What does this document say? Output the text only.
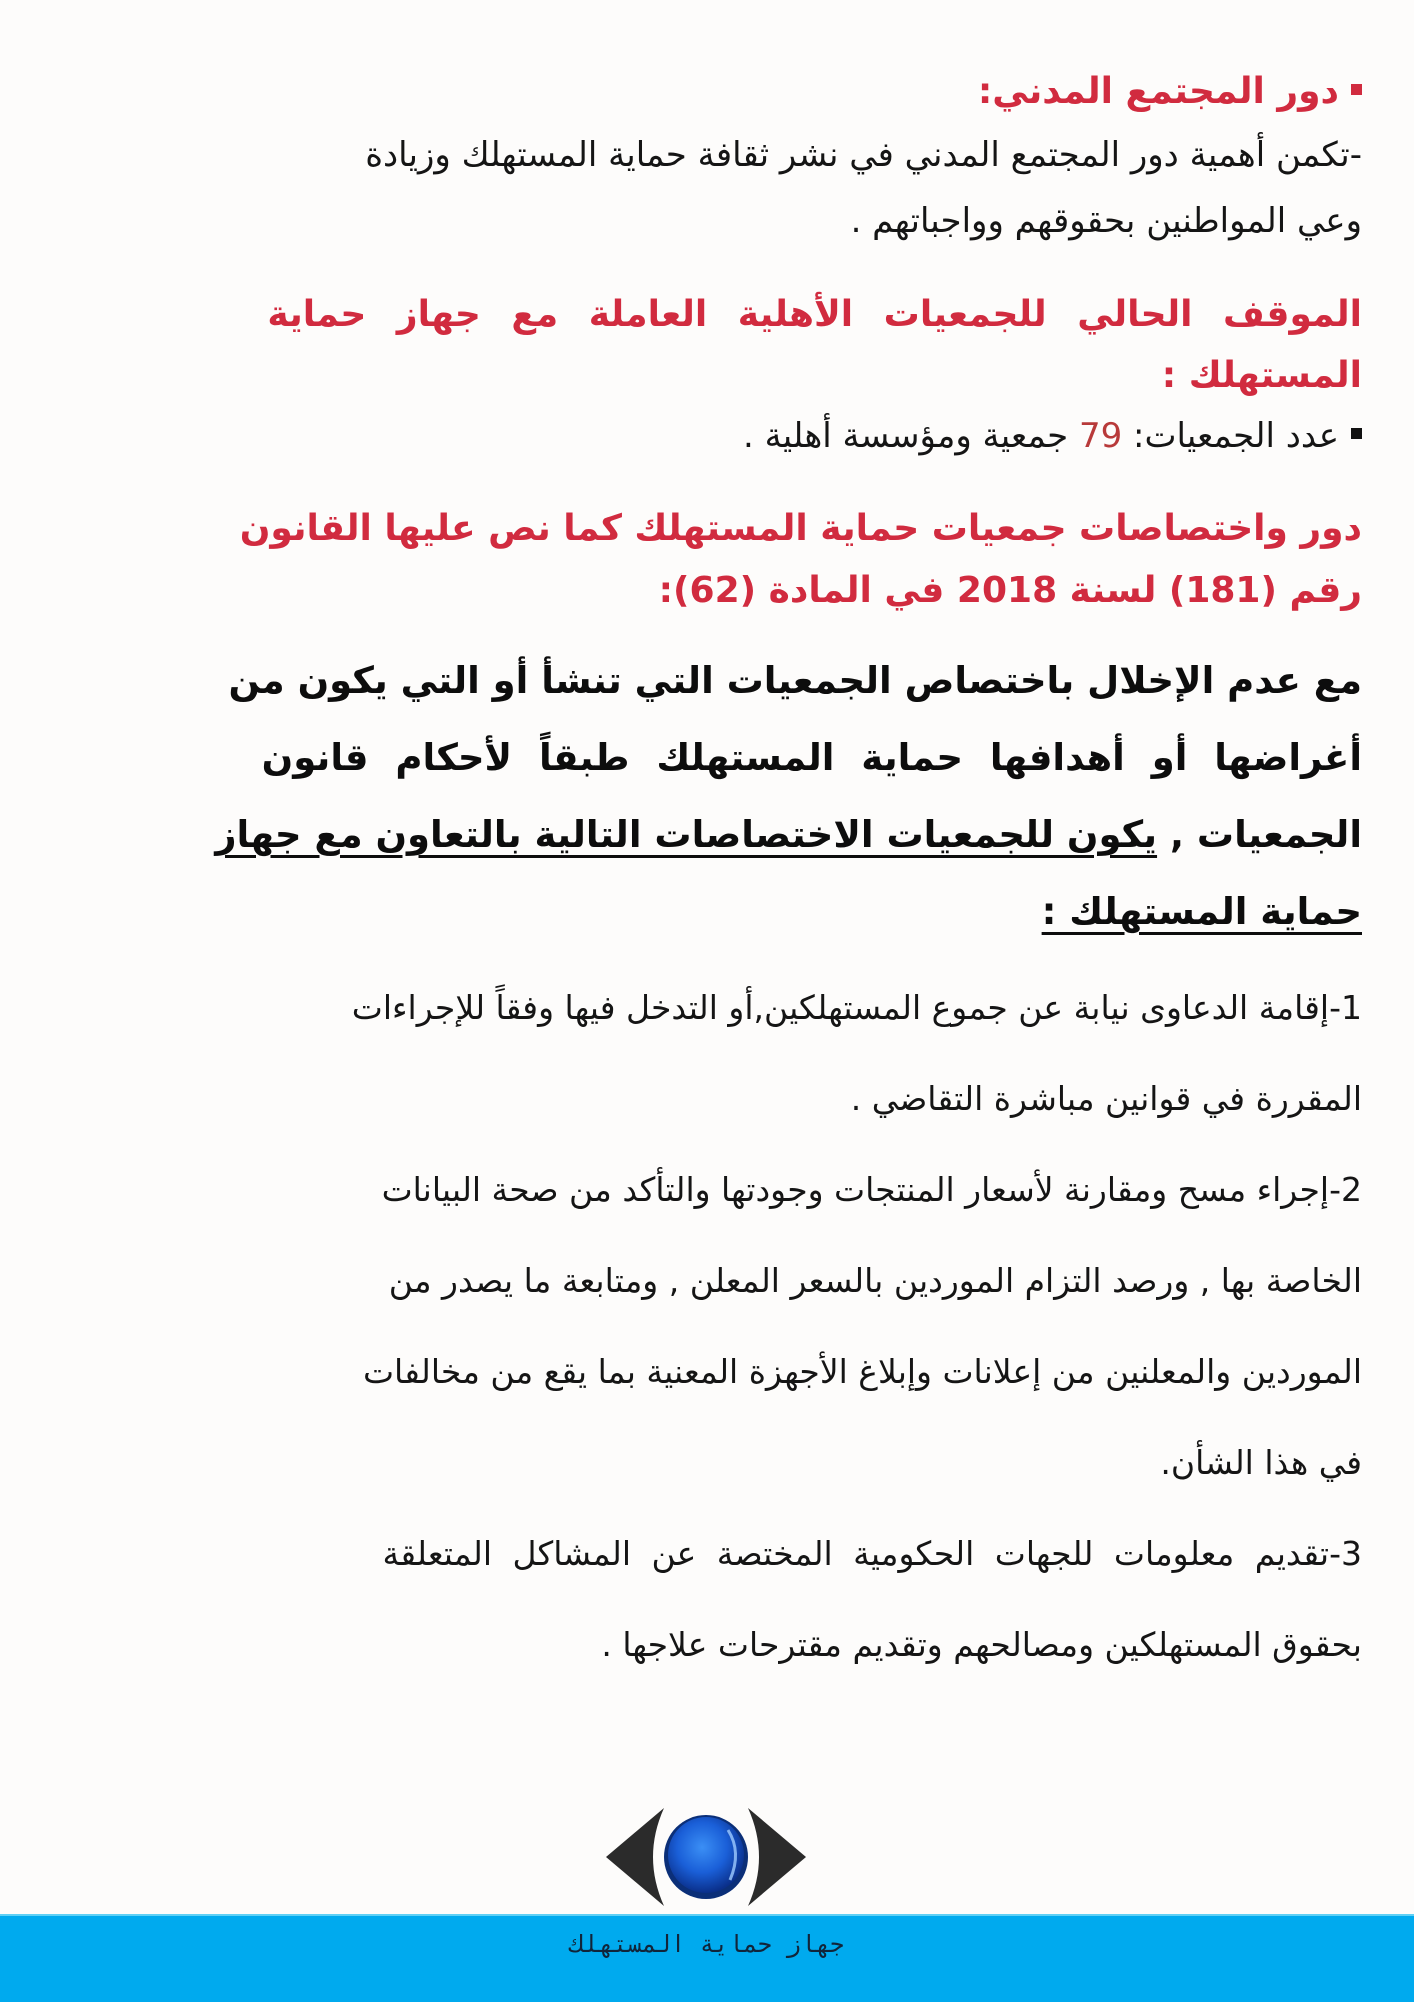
دور المجتمع المدني:
-تكمن أهمية دور المجتمع المدني في نشر ثقافة حماية المستهلك وزيادة
وعي المواطنين بحقوقهم وواجباتهم .
الموقف الحالي للجمعيات الأهلية العاملة مع جهاز حماية
المستهلك :
عدد الجمعيات: 79 جمعية ومؤسسة أهلية .
دور واختصاصات جمعيات حماية المستهلك كما نص عليها القانون
رقم (181) لسنة 2018 في المادة (62):
مع عدم الإخلال باختصاص الجمعيات التي تنشأ أو التي يكون من
أغراضها أو أهدافها حماية المستهلك طبقاً لأحكام قانون
الجمعيات , يكون للجمعيات الاختصاصات التالية بالتعاون مع جهاز
حماية المستهلك :
1-إقامة الدعاوى نيابة عن جموع المستهلكين,أو التدخل فيها وفقاً للإجراءات
المقررة في قوانين مباشرة التقاضي .
2-إجراء مسح ومقارنة لأسعار المنتجات وجودتها والتأكد من صحة البيانات
الخاصة بها , ورصد التزام الموردين بالسعر المعلن , ومتابعة ما يصدر من
الموردين والمعلنين من إعلانات وإبلاغ الأجهزة المعنية بما يقع من مخالفات
في هذا الشأن.
3-تقديم معلومات للجهات الحكومية المختصة عن المشاكل المتعلقة
بحقوق المستهلكين ومصالحهم وتقديم مقترحات علاجها .
جهاز حماية المستهلك
